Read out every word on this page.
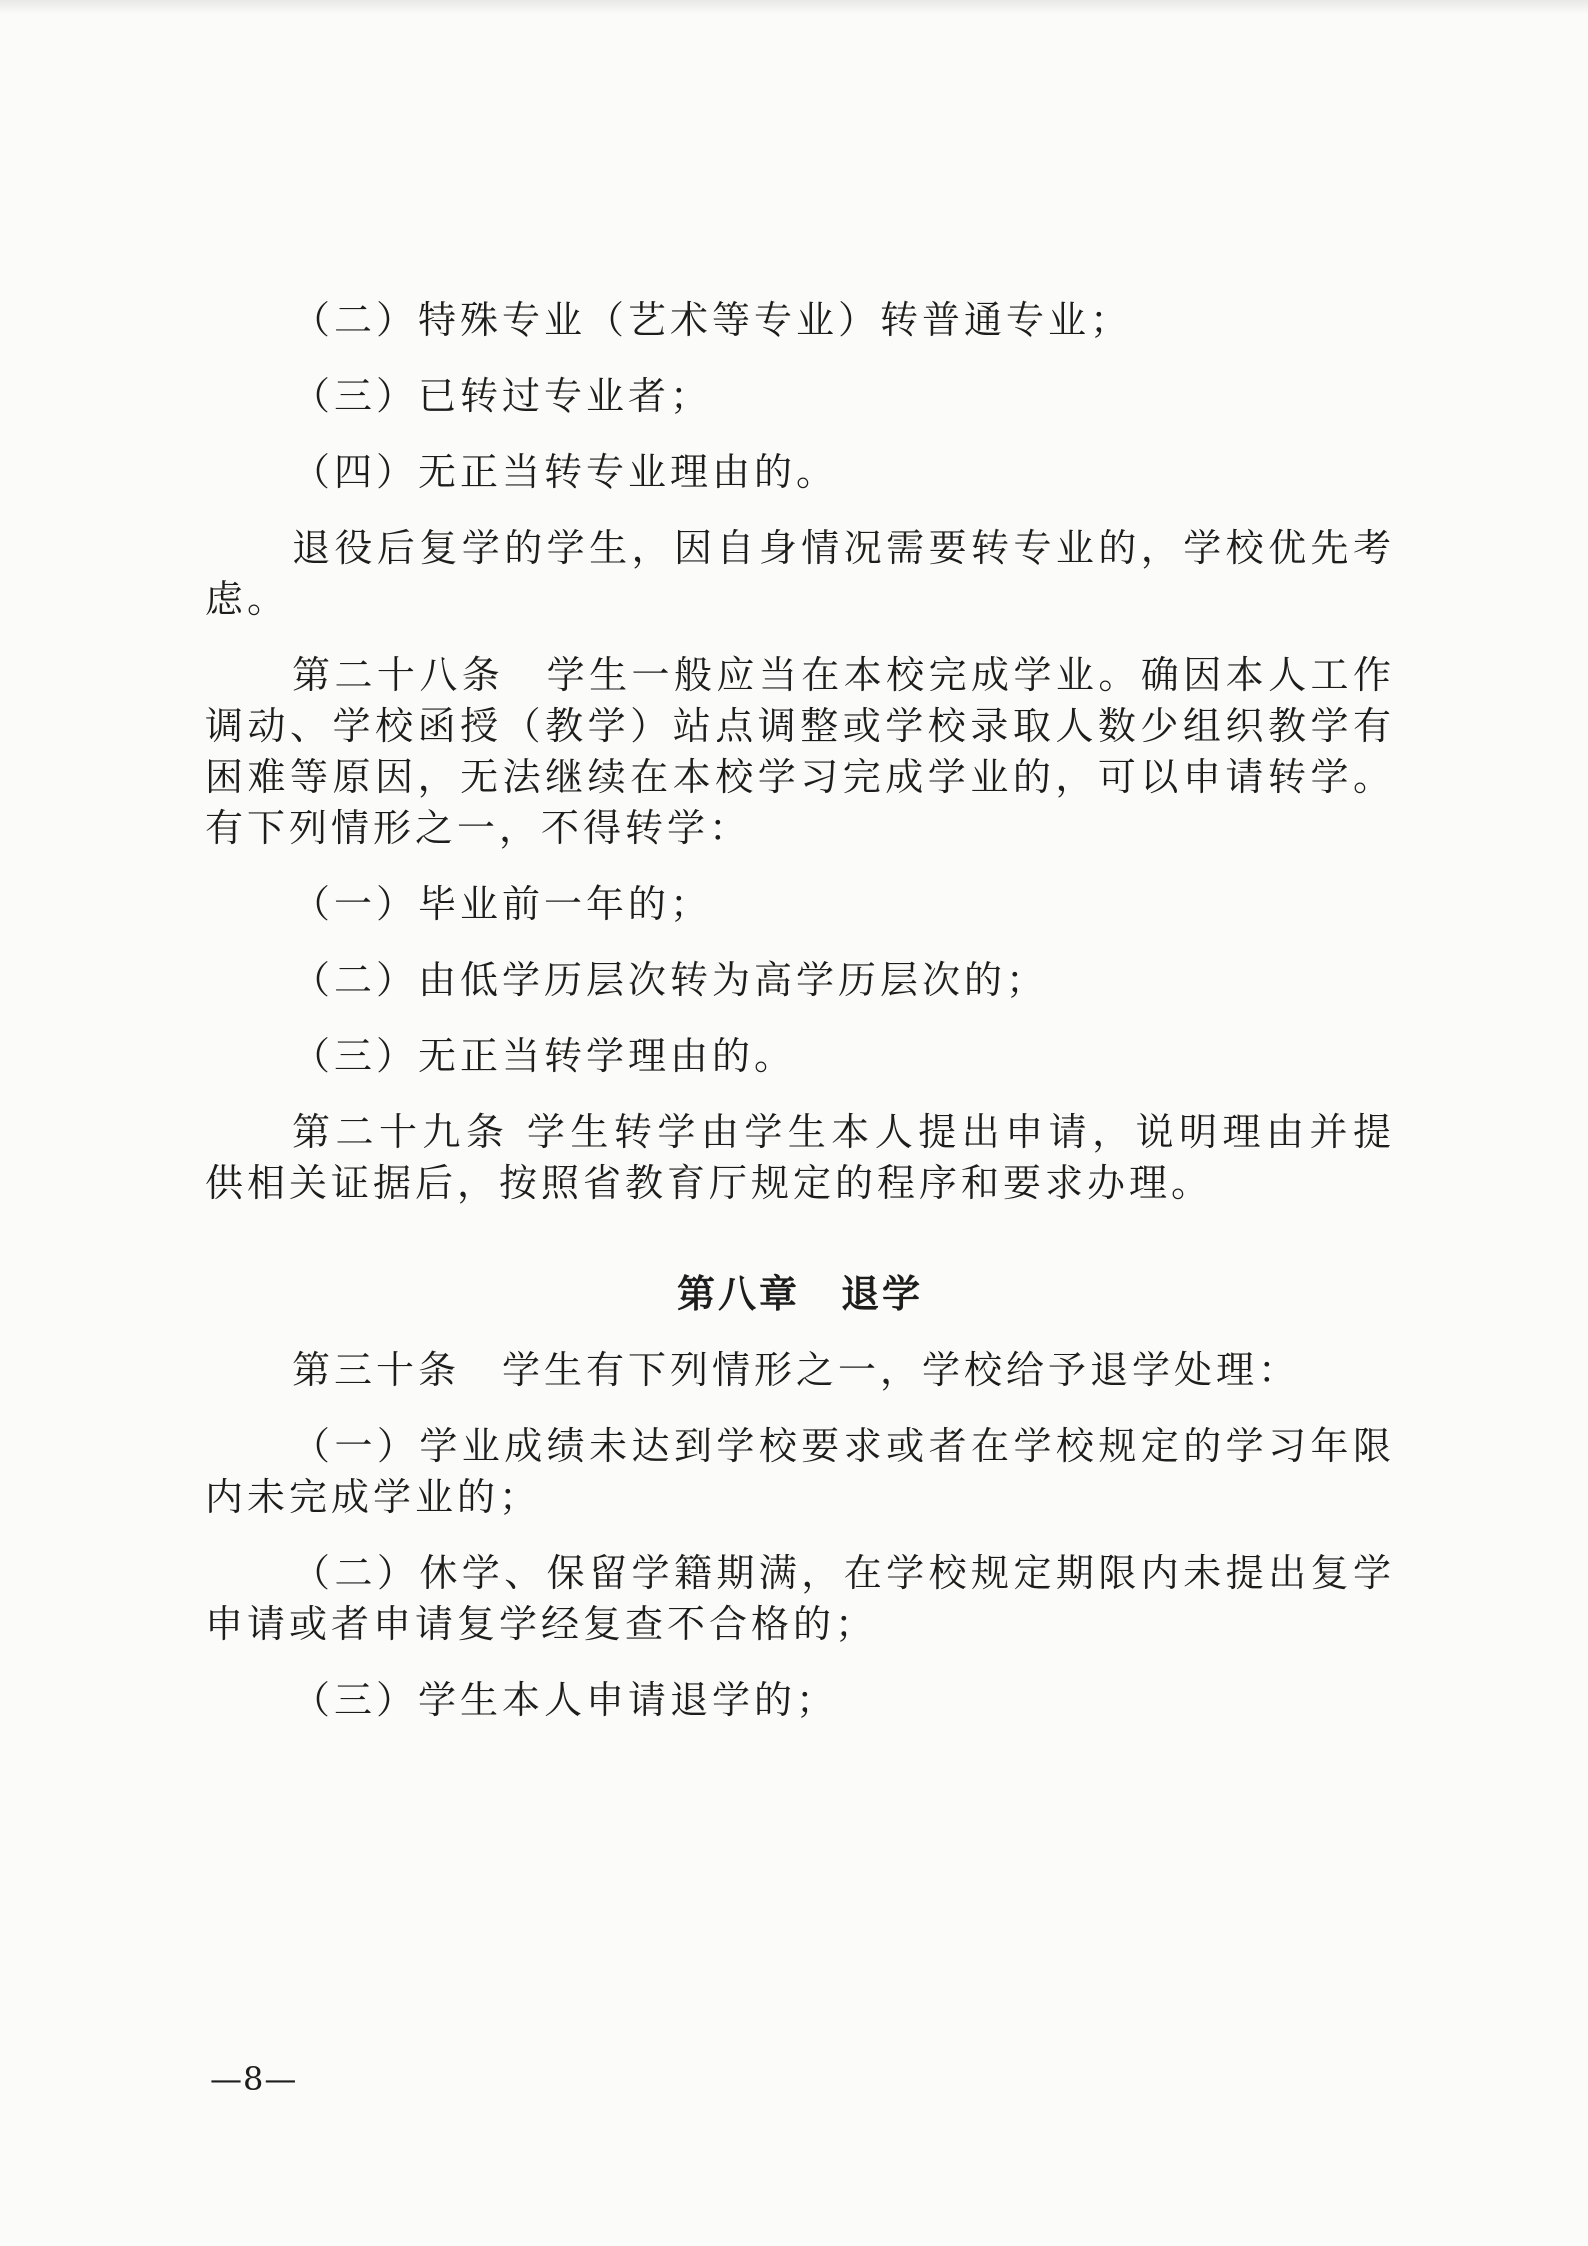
（二）特殊专业（艺术等专业）转普通专业；

（三）已转过专业者；

（四）无正当转专业理由的。

退役后复学的学生，因自身情况需要转专业的，学校优先考虑。

第二十八条　学生一般应当在本校完成学业。确因本人工作调动、学校函授（教学）站点调整或学校录取人数少组织教学有困难等原因，无法继续在本校学习完成学业的，可以申请转学。有下列情形之一，不得转学：

（一）毕业前一年的；

（二）由低学历层次转为高学历层次的；

（三）无正当转学理由的。

第二十九条 学生转学由学生本人提出申请，说明理由并提供相关证据后，按照省教育厅规定的程序和要求办理。

第八章　退学

第三十条　学生有下列情形之一，学校给予退学处理：

（一）学业成绩未达到学校要求或者在学校规定的学习年限内未完成学业的；

（二）休学、保留学籍期满，在学校规定期限内未提出复学申请或者申请复学经复查不合格的；

（三）学生本人申请退学的；

—8—
